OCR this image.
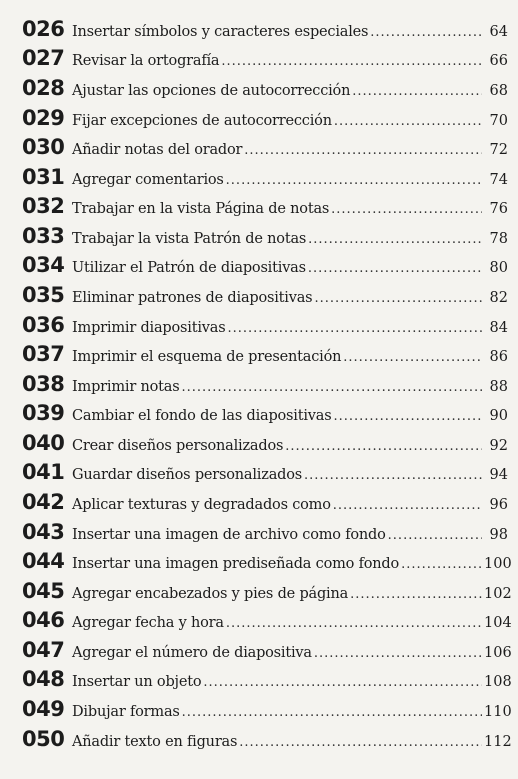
026 Insertar símbolos y caracteres especiales .....	64
027 Revisar la ortografía .....	66
028 Ajustar las opciones de autocorrección .....	68
029 Fijar excepciones de autocorrección .....	70
030 Añadir notas del orador .....	72
031 Agregar comentarios .....	74
032 Trabajar en la vista Página de notas .....	76
033 Trabajar la vista Patrón de notas .....	78
034 Utilizar el Patrón de diapositivas .....	80
035 Eliminar patrones de diapositivas .....	82
036 Imprimir diapositivas .....	84
037 Imprimir el esquema de presentación .....	86
038 Imprimir notas .....	88
039 Cambiar el fondo de las diapositivas .....	90
040 Crear diseños personalizados .....	92
041 Guardar diseños personalizados .....	94
042 Aplicar texturas y degradados como .....	96
043 Insertar una imagen de archivo como fondo .....	98
044 Insertar una imagen prediseñada como fondo .....	100
045 Agregar encabezados y pies de página .....	102
046 Agregar fecha y hora .....	104
047 Agregar el número de diapositiva .....	106
048 Insertar un objeto .....	108
049 Dibujar formas .....	110
050 Añadir texto en figuras .....	112
